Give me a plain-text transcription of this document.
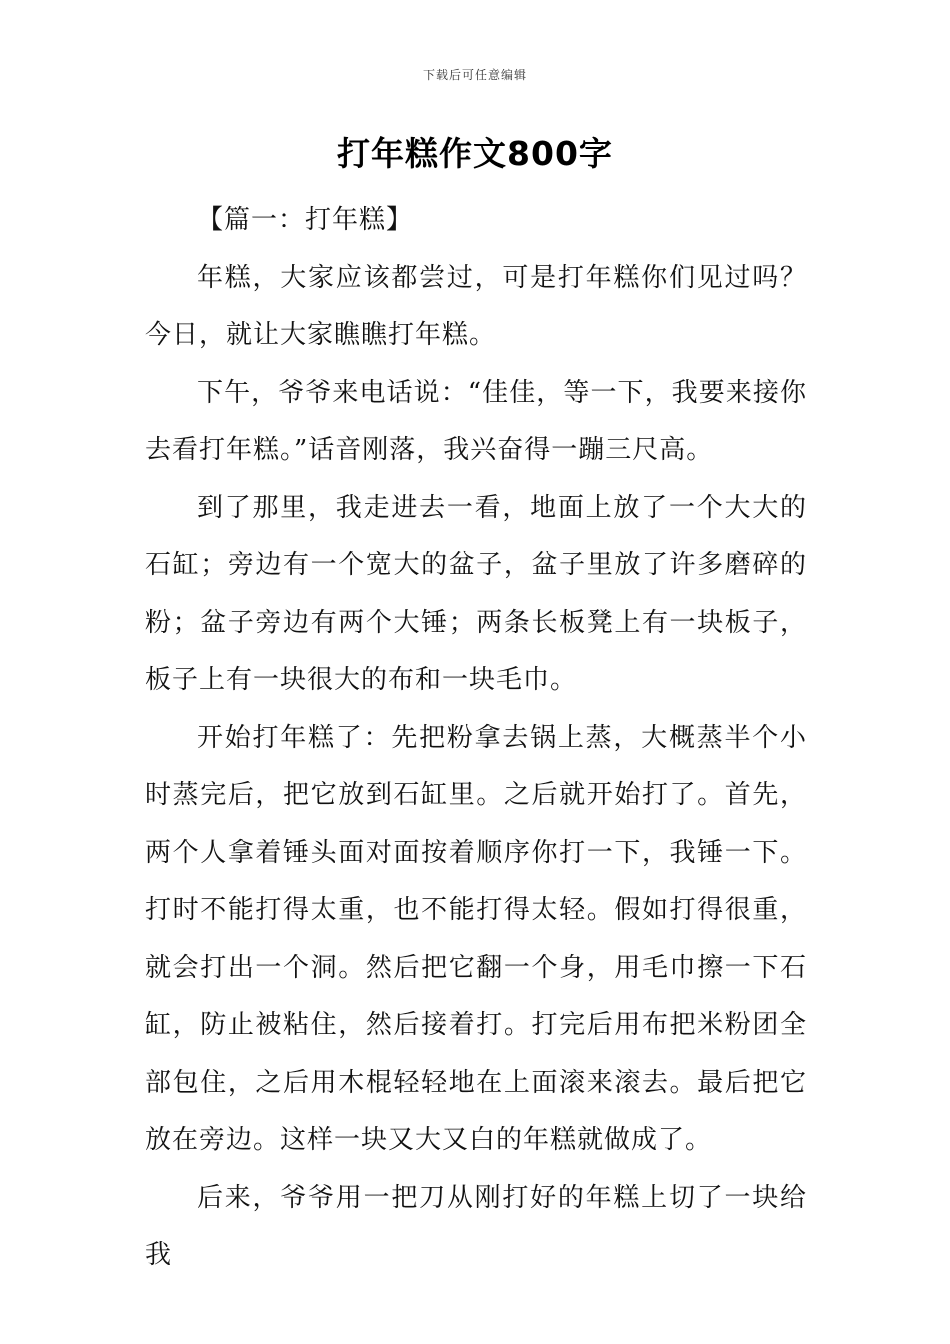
下载后可任意编辑
打年糕作文800字

【篇一：打年糕】

年糕，大家应该都尝过，可是打年糕你们见过吗？今日，就让大家瞧瞧打年糕。

下午，爷爷来电话说：“佳佳，等一下，我要来接你去看打年糕。”话音刚落，我兴奋得一蹦三尺高。

到了那里，我走进去一看，地面上放了一个大大的石缸；旁边有一个宽大的盆子，盆子里放了许多磨碎的粉；盆子旁边有两个大锤；两条长板凳上有一块板子，板子上有一块很大的布和一块毛巾。

开始打年糕了：先把粉拿去锅上蒸，大概蒸半个小时蒸完后，把它放到石缸里。之后就开始打了。首先，两个人拿着锤头面对面按着顺序你打一下，我锤一下。打时不能打得太重，也不能打得太轻。假如打得很重，就会打出一个洞。然后把它翻一个身，用毛巾擦一下石缸，防止被粘住，然后接着打。打完后用布把米粉团全部包住，之后用木棍轻轻地在上面滚来滚去。最后把它放在旁边。这样一块又大又白的年糕就做成了。

后来，爷爷用一把刀从刚打好的年糕上切了一块给我
